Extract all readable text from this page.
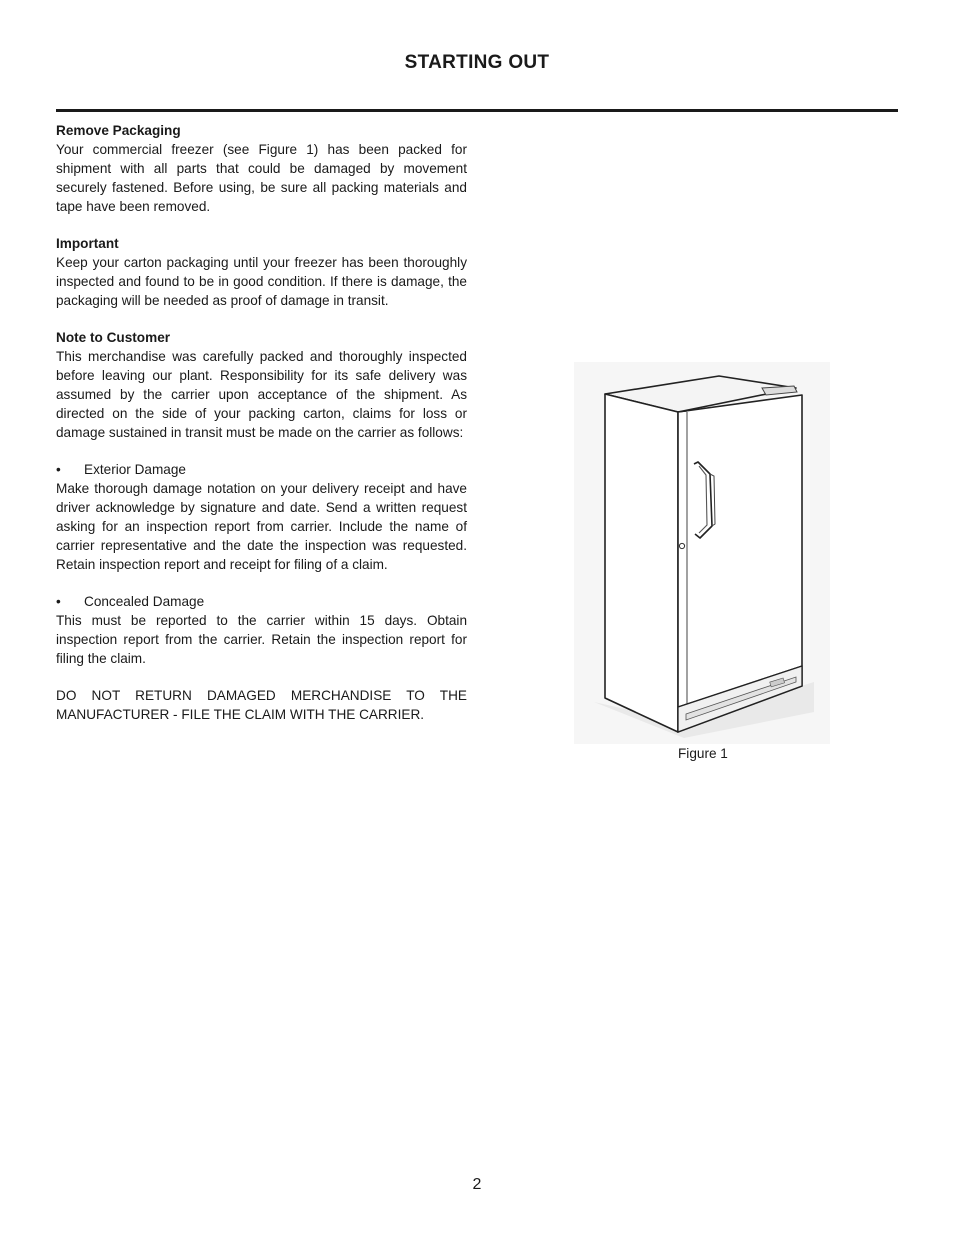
STARTING OUT
Remove Packaging

Your commercial freezer (see Figure 1) has been packed for shipment with all parts that could be damaged by movement securely fastened. Before using, be sure all packing materials and tape have been removed.

Important

Keep your carton packaging until your freezer has been thoroughly inspected and found to be in good condition. If there is damage, the packaging will be needed as proof of damage in transit.

Note to Customer

This merchandise was carefully packed and thoroughly inspected before leaving our plant. Responsibility for its safe delivery was assumed by the carrier upon acceptance of the shipment. As directed on the side of your packing carton, claims for loss or damage sustained in transit must be made on the carrier as follows:

•	Exterior Damage

Make thorough damage notation on your delivery receipt and have driver acknowledge by signature and date. Send a written request asking for an inspection report from carrier. Include the name of carrier representative and the date the inspection was requested. Retain inspection report and receipt for filing of a claim.

•	Concealed Damage

This must be reported to the carrier within 15 days. Obtain inspection report from the carrier. Retain the inspection report for filing the claim.

DO NOT RETURN DAMAGED MERCHANDISE TO THE MANUFACTURER - FILE THE CLAIM WITH THE CARRIER.

Figure 1
2
